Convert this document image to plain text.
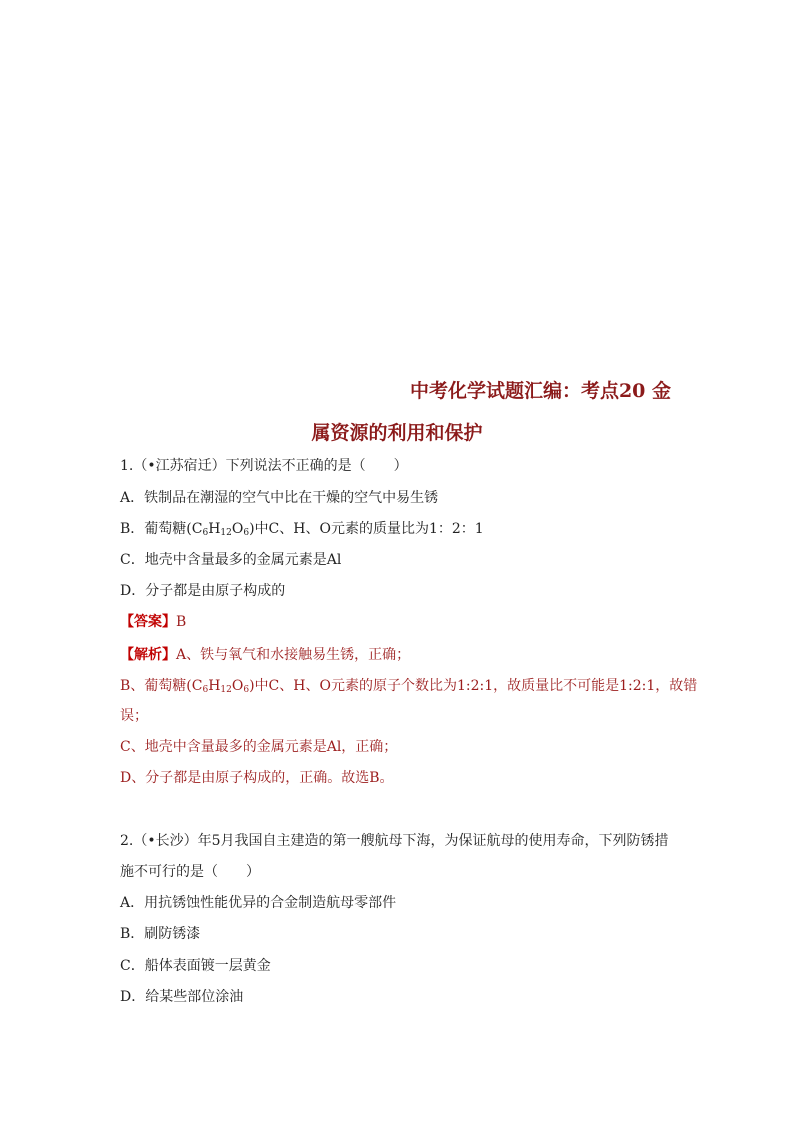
中考化学试题汇编：考点20 金
属资源的利用和保护
1.（•江苏宿迁）下列说法不正确的是（　　）
A．铁制品在潮湿的空气中比在干燥的空气中易生锈
B．葡萄糖$(C_6H_{12}O_6)$中C、H、O元素的质量比为1：2：1
C．地壳中含量最多的金属元素是Al
D．分子都是由原子构成的
【答案】B
【解析】A、铁与氧气和水接触易生锈，正确；
B、葡萄糖$(C_6H_{12}O_6)$中C、H、O元素的原子个数比为1:2:1，故质量比不可能是1:2:1，故错
误；
C、地壳中含量最多的金属元素是Al，正确；
D、分子都是由原子构成的，正确。故选B。
2.（•长沙）年5月我国自主建造的第一艘航母下海，为保证航母的使用寿命，下列防锈措
施不可行的是（　　）
A．用抗锈蚀性能优异的合金制造航母零部件
B．刷防锈漆
C．船体表面镀一层黄金
D．给某些部位涂油
